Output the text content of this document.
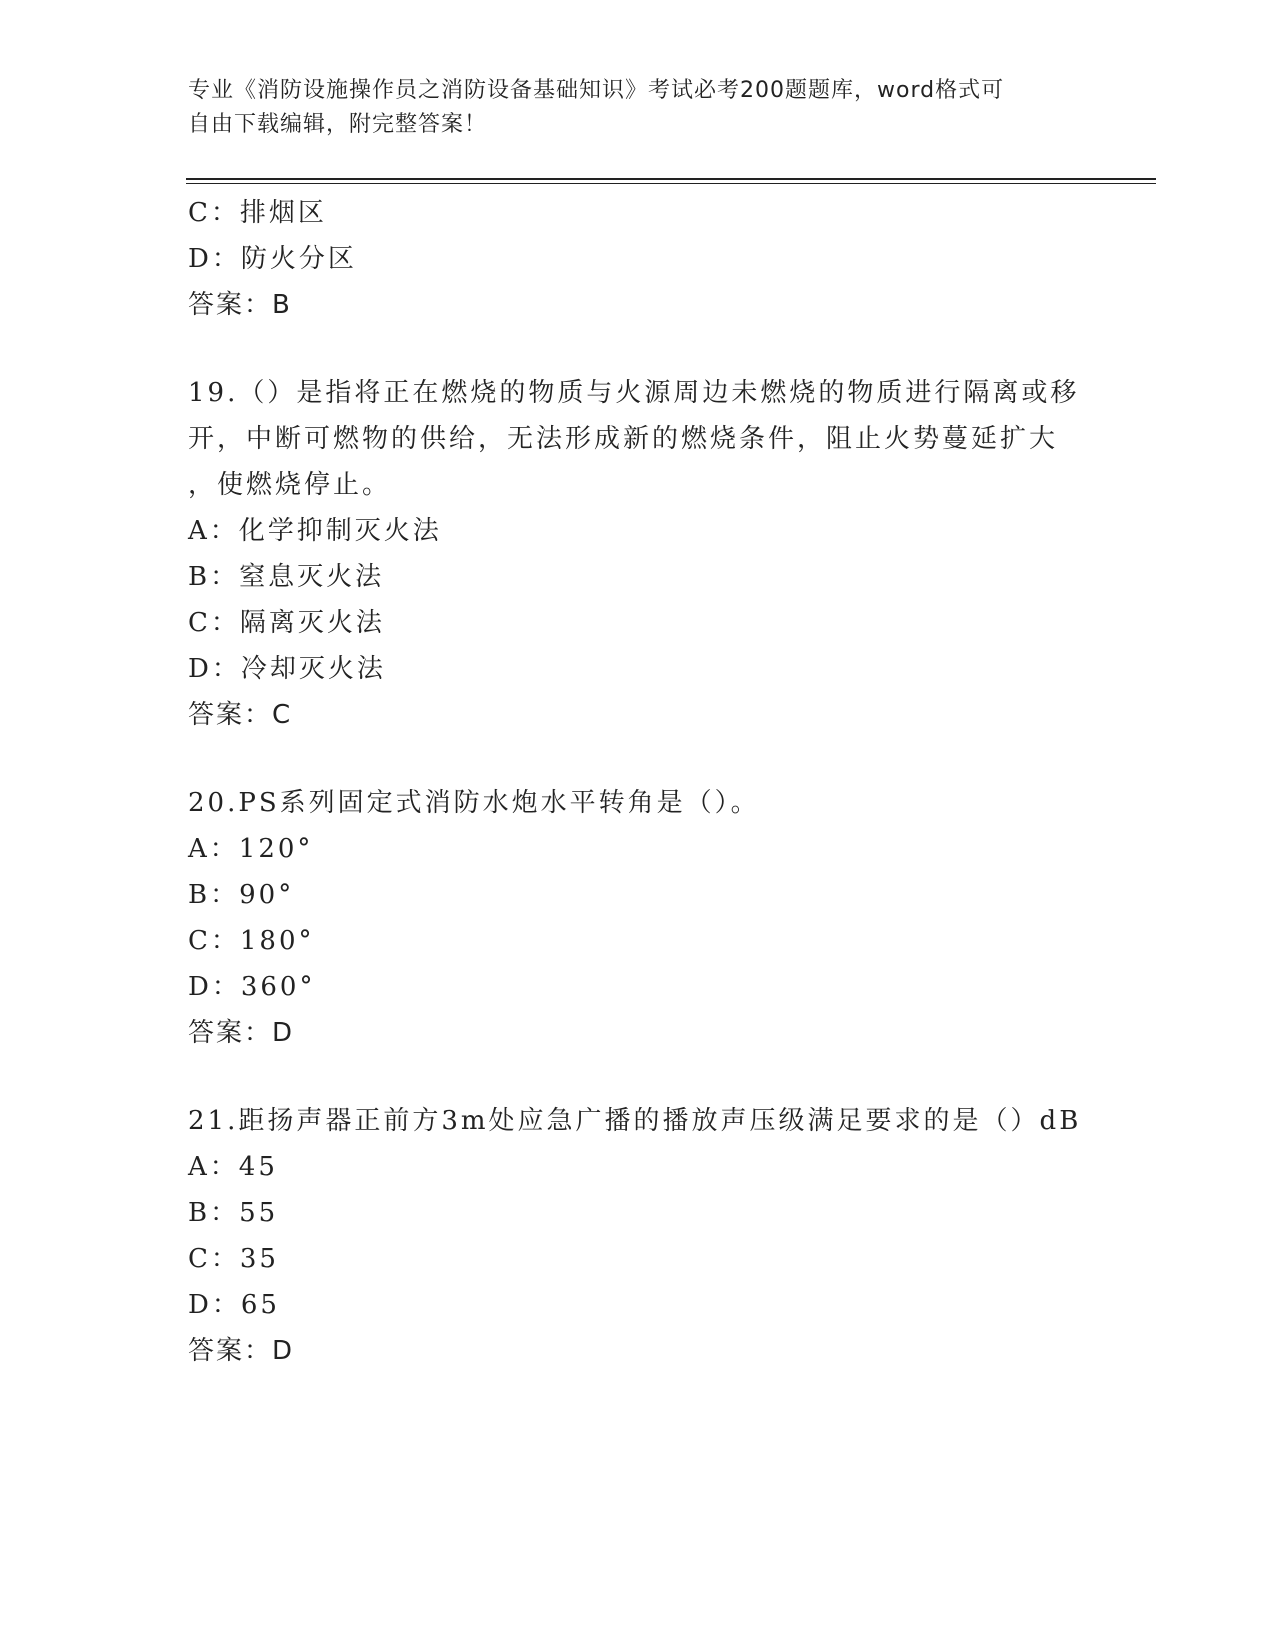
专业《消防设施操作员之消防设备基础知识》考试必考200题题库，word格式可
自由下载编辑，附完整答案！
C：排烟区
D：防火分区
答案：B
19.（）是指将正在燃烧的物质与火源周边未燃烧的物质进行隔离或移
开，中断可燃物的供给，无法形成新的燃烧条件，阻止火势蔓延扩大
，使燃烧停止。
A：化学抑制灭火法
B：窒息灭火法
C：隔离灭火法
D：冷却灭火法
答案：C
20.PS系列固定式消防水炮水平转角是（）。
A：120°
B：90°
C：180°
D：360°
答案：D
21.距扬声器正前方3m处应急广播的播放声压级满足要求的是（）dB
A：45
B：55
C：35
D：65
答案：D
